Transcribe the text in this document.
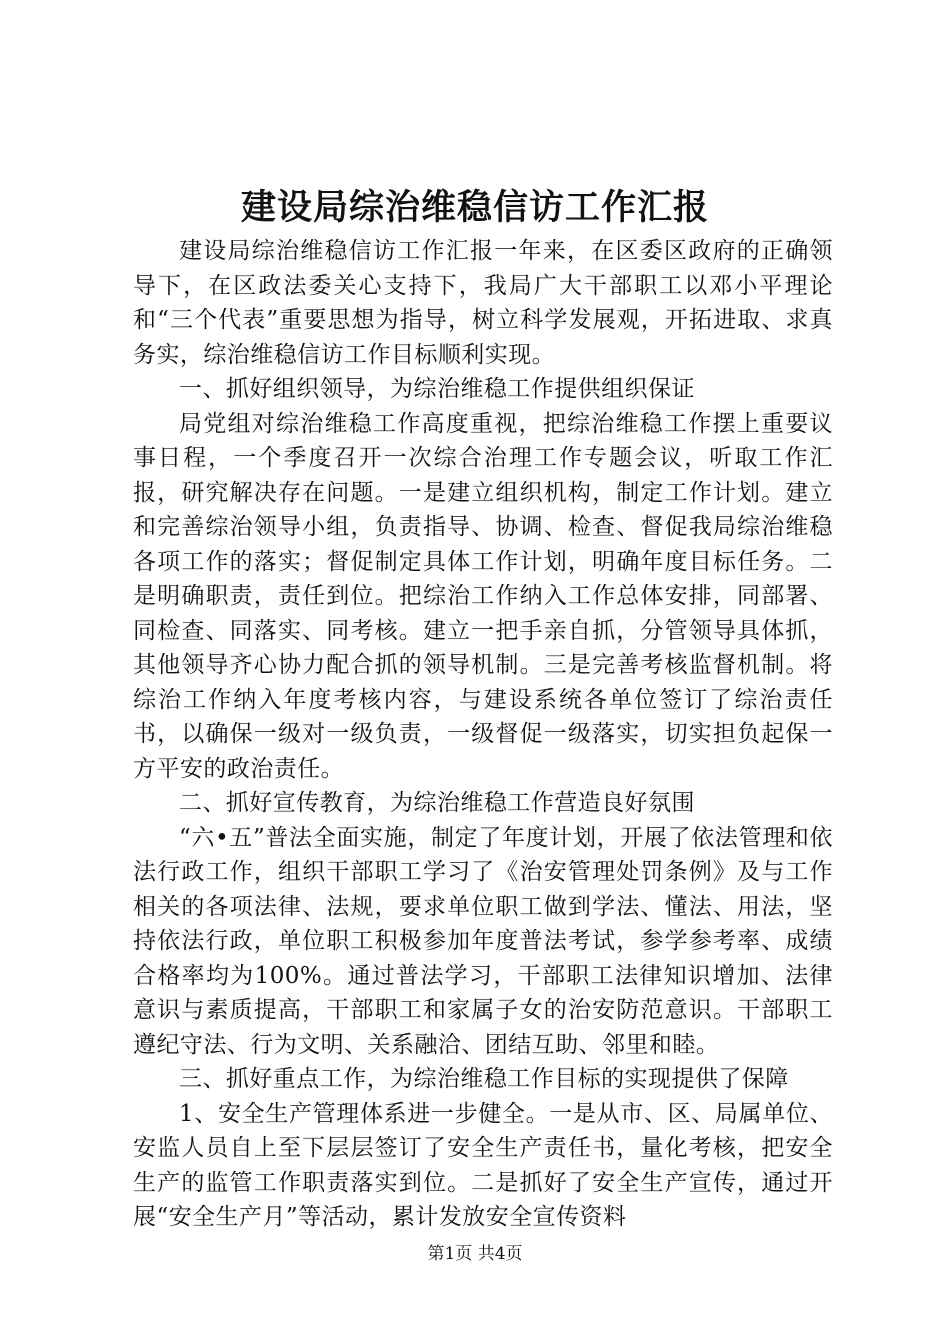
建设局综治维稳信访工作汇报

建设局综治维稳信访工作汇报一年来，在区委区政府的正确领导下，在区政法委关心支持下，我局广大干部职工以邓小平理论和“三个代表”重要思想为指导，树立科学发展观，开拓进取、求真务实，综治维稳信访工作目标顺利实现。

一、抓好组织领导，为综治维稳工作提供组织保证

局党组对综治维稳工作高度重视，把综治维稳工作摆上重要议事日程，一个季度召开一次综合治理工作专题会议，听取工作汇报，研究解决存在问题。一是建立组织机构，制定工作计划。建立和完善综治领导小组，负责指导、协调、检查、督促我局综治维稳各项工作的落实；督促制定具体工作计划，明确年度目标任务。二是明确职责，责任到位。把综治工作纳入工作总体安排，同部署、同检查、同落实、同考核。建立一把手亲自抓，分管领导具体抓，其他领导齐心协力配合抓的领导机制。三是完善考核监督机制。将综治工作纳入年度考核内容，与建设系统各单位签订了综治责任书，以确保一级对一级负责，一级督促一级落实，切实担负起保一方平安的政治责任。

二、抓好宣传教育，为综治维稳工作营造良好氛围

“六•五”普法全面实施，制定了年度计划，开展了依法管理和依法行政工作，组织干部职工学习了《治安管理处罚条例》及与工作相关的各项法律、法规，要求单位职工做到学法、懂法、用法，坚持依法行政，单位职工积极参加年度普法考试，参学参考率、成绩合格率均为100%。通过普法学习，干部职工法律知识增加、法律意识与素质提高，干部职工和家属子女的治安防范意识。干部职工遵纪守法、行为文明、关系融洽、团结互助、邻里和睦。

三、抓好重点工作，为综治维稳工作目标的实现提供了保障

1、安全生产管理体系进一步健全。一是从市、区、局属单位、安监人员自上至下层层签订了安全生产责任书，量化考核，把安全生产的监管工作职责落实到位。二是抓好了安全生产宣传，通过开展“安全生产月”等活动，累计发放安全宣传资料

第1页 共4页
